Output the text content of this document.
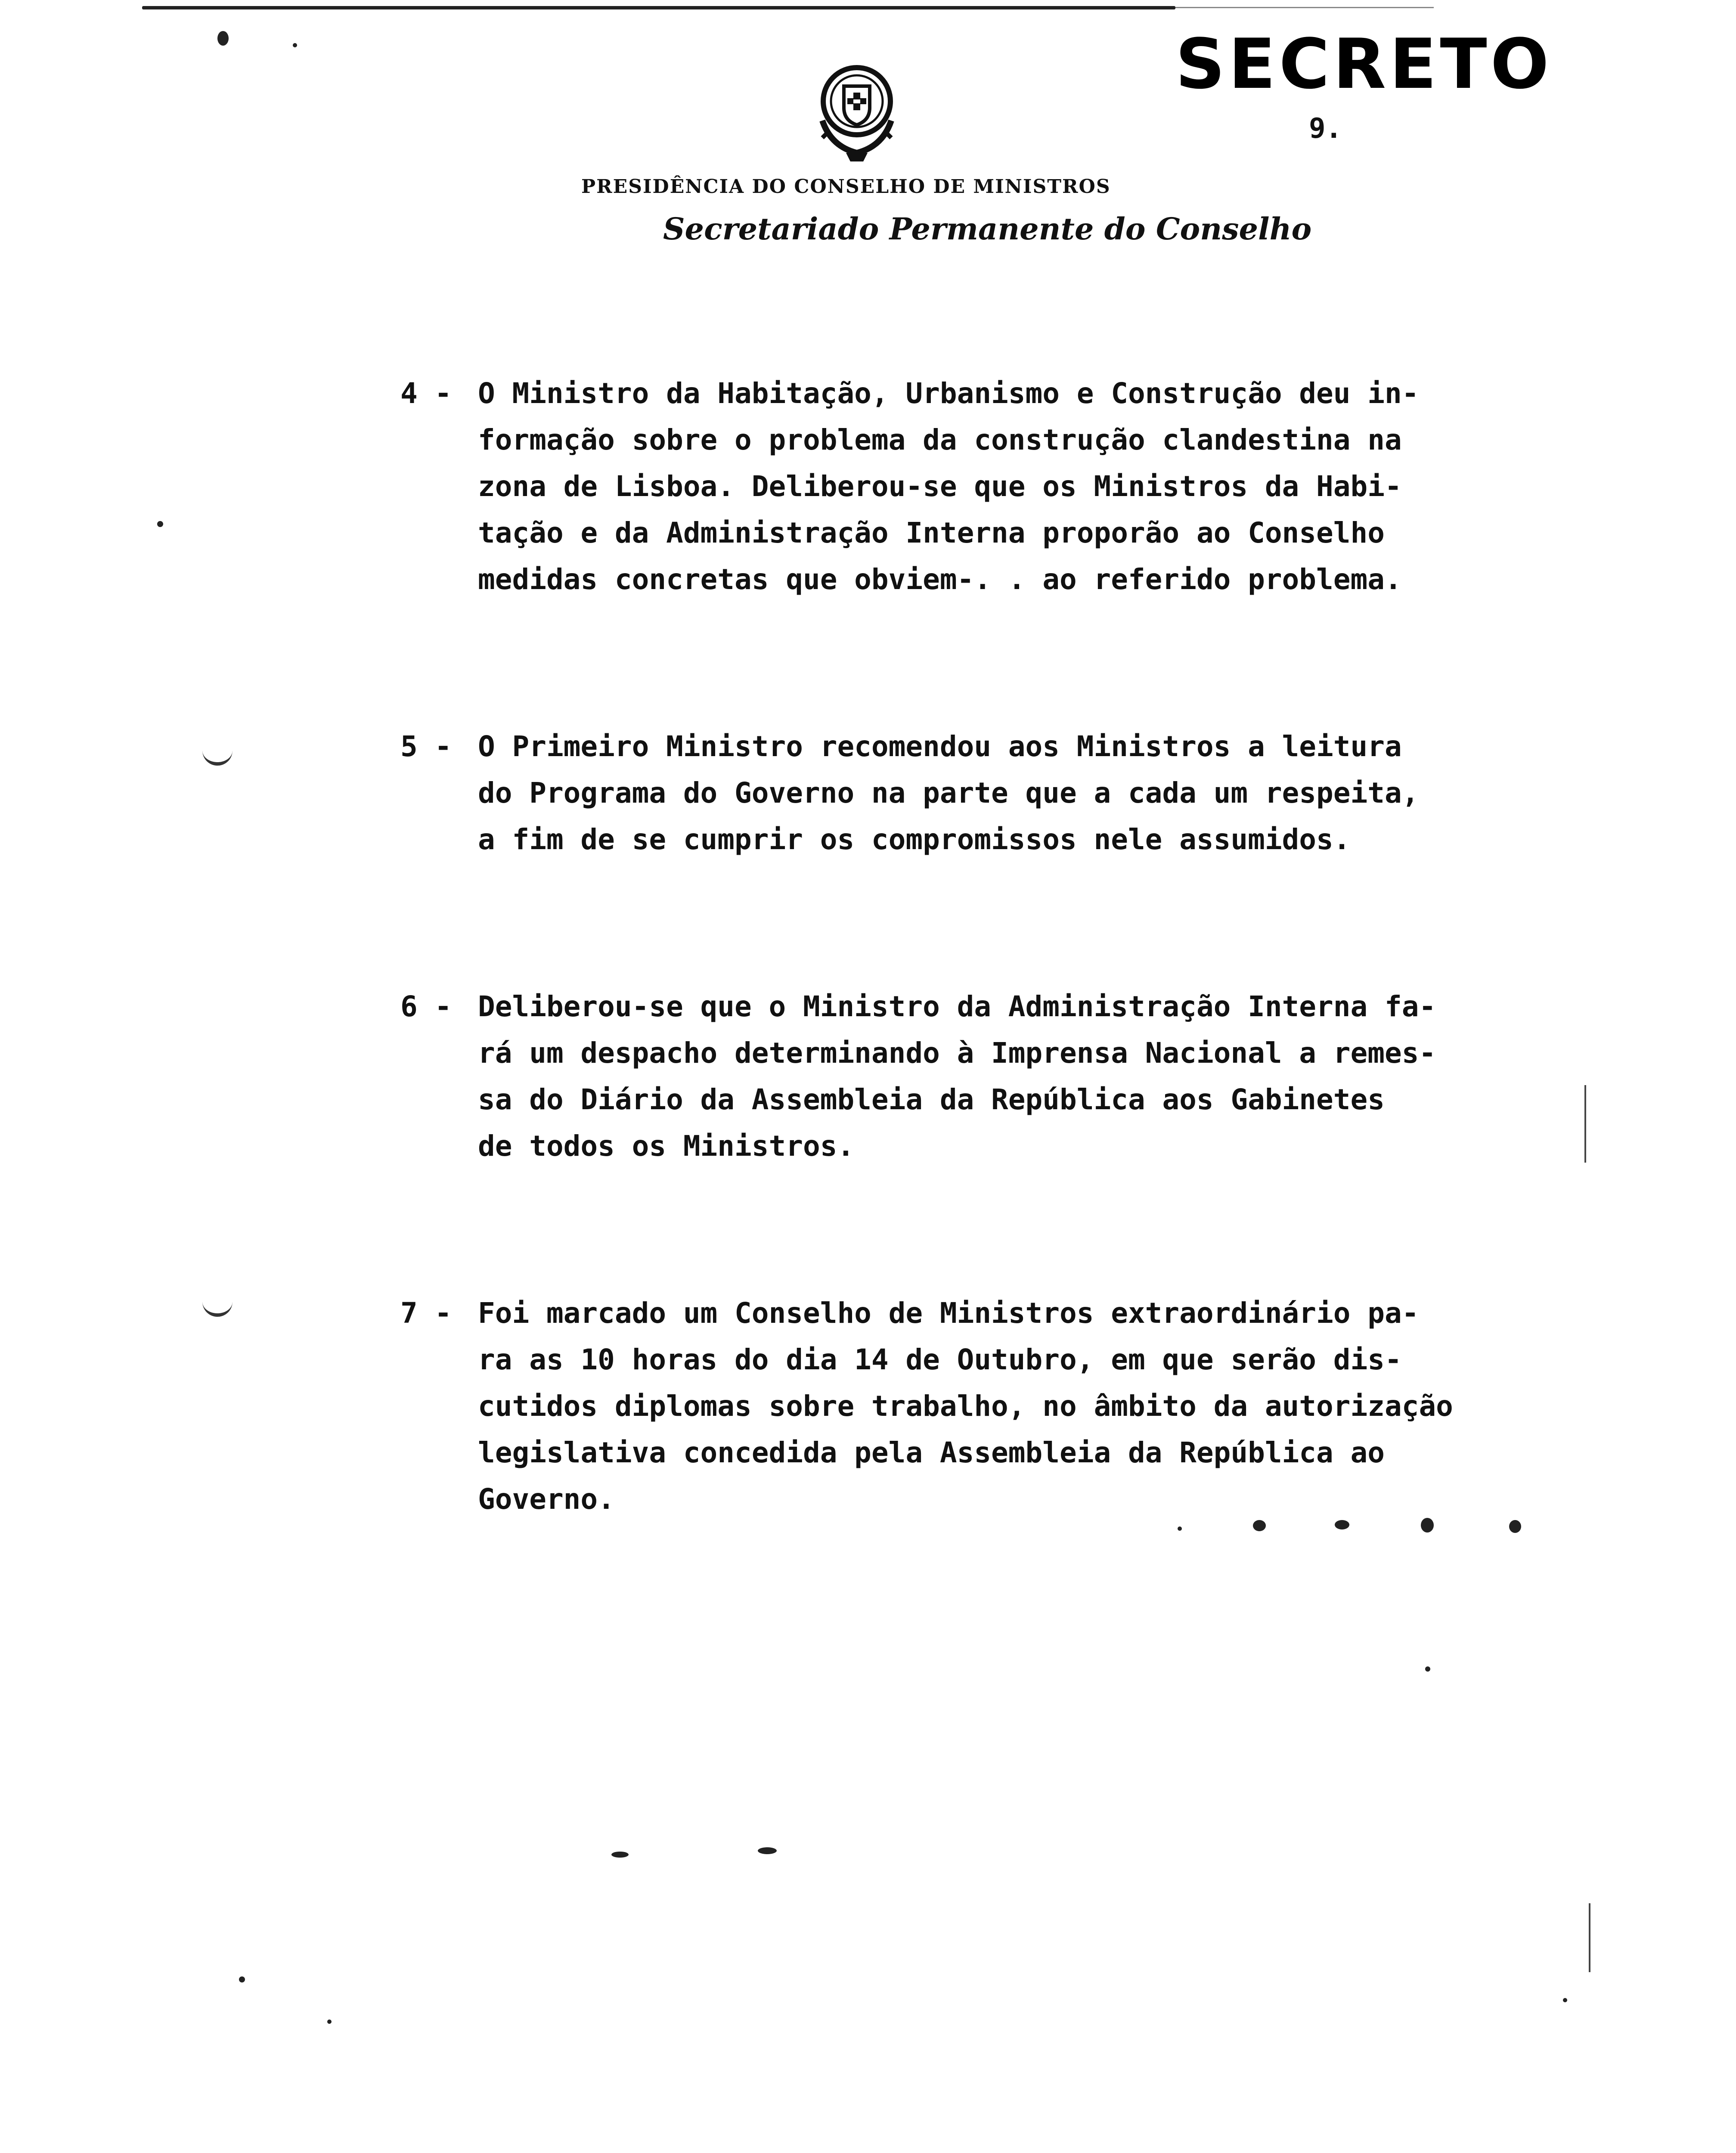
SECRETO
9.
PRESIDÊNCIA DO CONSELHO DE MINISTROS
Secretariado Permanente do Conselho
4 - O Ministro da Habitação, Urbanismo e Construção deu in-
formação sobre o problema da construção clandestina na
zona de Lisboa. Deliberou-se que os Ministros da Habi-
tação e da Administração Interna proporão ao Conselho
medidas concretas que obviem-. . ao referido problema.
5 - O Primeiro Ministro recomendou aos Ministros a leitura
do Programa do Governo na parte que a cada um respeita,
a fim de se cumprir os compromissos nele assumidos.
6 - Deliberou-se que o Ministro da Administração Interna fa-
rá um despacho determinando à Imprensa Nacional a remes-
sa do Diário da Assembleia da República aos Gabinetes
de todos os Ministros.
7 - Foi marcado um Conselho de Ministros extraordinário pa-
ra as 10 horas do dia 14 de Outubro, em que serão dis-
cutidos diplomas sobre trabalho, no âmbito da autorização
legislativa concedida pela Assembleia da República ao
Governo.
